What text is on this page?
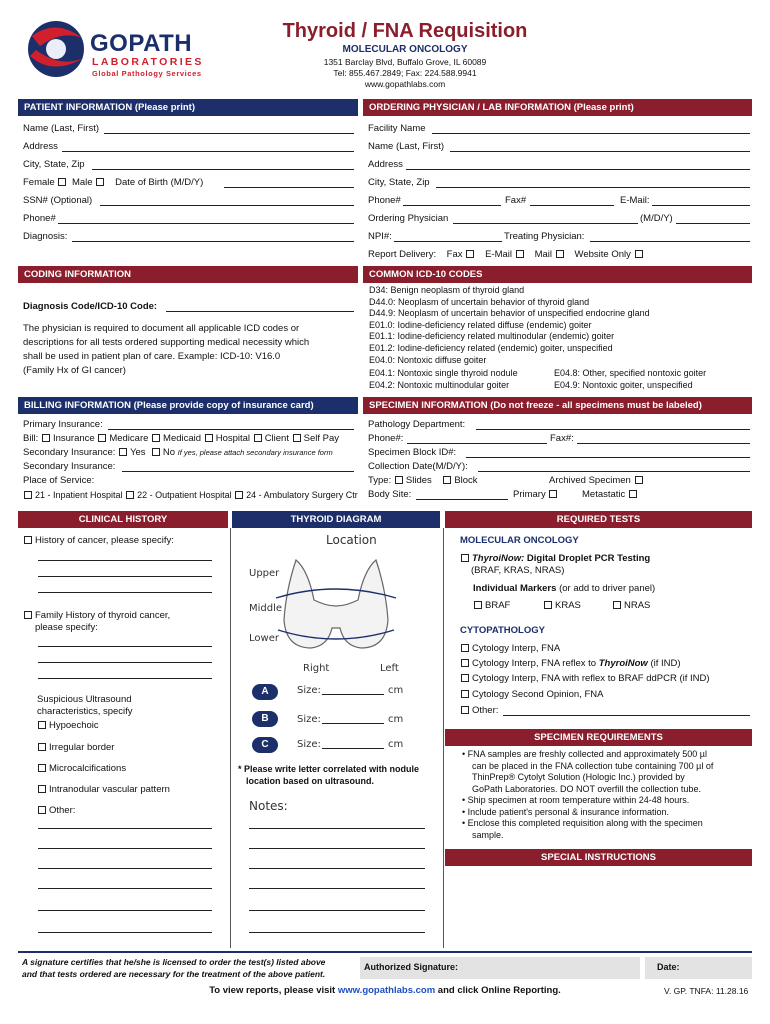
GOPATH
LABORATORIES
Global Pathology Services
Thyroid / FNA Requisition
MOLECULAR ONCOLOGY
1351 Barclay Blvd, Buffalo Grove, IL 60089
Tel: 855.467.2849; Fax: 224.588.9941
www.gopathlabs.com
PATIENT INFORMATION (Please print)	ORDERING PHYSICIAN / LAB INFORMATION (Please print)
Name (Last, First)
Address
City, State, Zip
Female Male Date of Birth (M/D/Y)
SSN# (Optional)
Phone#
Diagnosis:
Facility Name
Name (Last, First)
Address
City, State, Zip
Phone#	Fax#	E-Mail:
Ordering Physician	(M/D/Y)
NPI#:	Treating Physician:
Report Delivery: Fax E-Mail Mail Website Only
CODING INFORMATION	COMMON ICD-10 CODES
Diagnosis Code/ICD-10 Code:
The physician is required to document all applicable ICD codes or
descriptions for all tests ordered supporting medical necessity which
shall be used in patient plan of care. Example: ICD-10: V16.0
(Family Hx of GI cancer)
D34: Benign neoplasm of thyroid gland
D44.0: Neoplasm of uncertain behavior of thyroid gland
D44.9: Neoplasm of uncertain behavior of unspecified endocrine gland
E01.0: Iodine-deficiency related diffuse (endemic) goiter
E01.1: Iodine-deficiency related multinodular (endemic) goiter
E01.2: Iodine-deficiency related (endemic) goiter, unspecified
E04.0: Nontoxic diffuse goiter
E04.1: Nontoxic single thyroid nodule	E04.8: Other, specified nontoxic goiter
E04.2: Nontoxic multinodular goiter	E04.9: Nontoxic goiter, unspecified
BILLING INFORMATION (Please provide copy of insurance card)	SPECIMEN INFORMATION (Do not freeze - all specimens must be labeled)
Primary Insurance:
Bill: Insurance Medicare Medicaid Hospital Client Self Pay
Secondary Insurance: Yes No If yes, please attach secondary insurance form
Secondary Insurance:
Place of Service:
21 - Inpatient Hospital 22 - Outpatient Hospital 24 - Ambulatory Surgery Ctr
Pathology Department:
Phone#:	Fax#:
Specimen Block ID#:
Collection Date(M/D/Y):
Type: Slides Block	Archived Specimen
Body Site:	Primary	Metastatic
CLINICAL HISTORY	THYROID DIAGRAM	REQUIRED TESTS
History of cancer, please specify:
Family History of thyroid cancer,
please specify:
Suspicious Ultrasound
characteristics, specify
Hypoechoic
Irregular border
Microcalcifications
Intranodular vascular pattern
Other:
Location
Upper
Middle
Lower
Right	Left
A	Size:	cm
B	Size:	cm
C	Size:	cm
* Please write letter correlated with nodule
location based on ultrasound.
Notes:
MOLECULAR ONCOLOGY
ThyroiNow: Digital Droplet PCR Testing
(BRAF, KRAS, NRAS)
Individual Markers (or add to driver panel)
BRAF	KRAS	NRAS
CYTOPATHOLOGY
Cytology Interp, FNA
Cytology Interp, FNA reflex to ThyroiNow (if IND)
Cytology Interp, FNA with reflex to BRAF ddPCR (if IND)
Cytology Second Opinion, FNA
Other:
SPECIMEN REQUIREMENTS
• FNA samples are freshly collected and approximately 500 µl
can be placed in the FNA collection tube containing 700 µl of
ThinPrep® Cytolyt Solution (Hologic Inc.) provided by
GoPath Laboratories. DO NOT overfill the collection tube.
• Ship specimen at room temperature within 24-48 hours.
• Include patient's personal & insurance information.
• Enclose this completed requisition along with the specimen
sample.
SPECIAL INSTRUCTIONS
A signature certifies that he/she is licensed to order the test(s) listed above
and that tests ordered are necessary for the treatment of the above patient.
Authorized Signature:	Date:
To view reports, please visit www.gopathlabs.com and click Online Reporting.	V. GP. TNFA: 11.28.16
